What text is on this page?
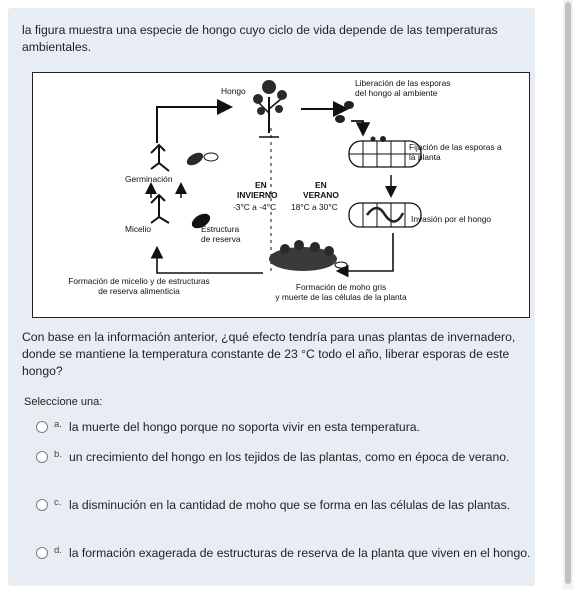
la figura muestra una especie de hongo cuyo ciclo de vida depende de las temperaturas ambientales.
Hongo
Liberación de las esporas
del hongo al ambiente
Fijación de las esporas a
la planta
Germinación
EN
INVIERNO
-3°C a -4°C
EN
VERANO
18°C a 30°C
Invasión por el hongo
Micelio	Estructura
de reserva
Formación de micelio y de estructuras
de reserva alimenticia	Formación de moho gris
y muerte de las células de la planta
Con base en la información anterior, ¿qué efecto tendría para unas plantas de invernadero, donde se mantiene la temperatura constante de 23 °C todo el año, liberar esporas de este hongo?
Seleccione una:
a. la muerte del hongo porque no soporta vivir en esta temperatura.
b. un crecimiento del hongo en los tejidos de las plantas, como en época de verano.
c. la disminución en la cantidad de moho que se forma en las células de las plantas.
d. la formación exagerada de estructuras de reserva de la planta que viven en el hongo.
